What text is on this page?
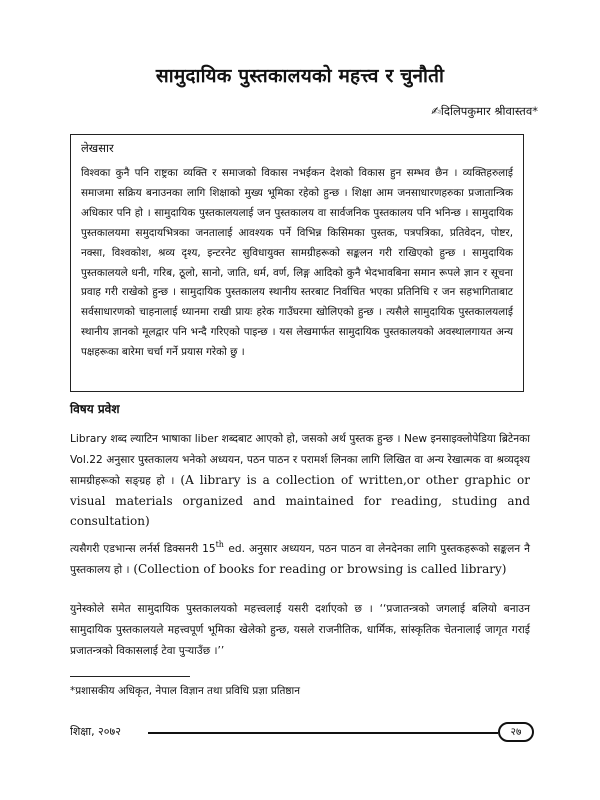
सामुदायिक पुस्तकालयको महत्त्व र चुनौती
✍दिलिपकुमार श्रीवास्तव*

लेखसार

विश्वका कुनै पनि राष्ट्रका व्यक्ति र समाजको विकास नभईकन देशको विकास हुन सम्भव छैन । व्यक्तिहरुलाई समाजमा सक्रिय बनाउनका लागि शिक्षाको मुख्य भूमिका रहेको हुन्छ । शिक्षा आम जनसाधारणहरुका प्रजातान्त्रिक अधिकार पनि हो । सामुदायिक पुस्तकालयलाई जन पुस्तकालय वा सार्वजनिक पुस्तकालय पनि भनिन्छ । सामुदायिक पुस्तकालयमा समुदायभित्रका जनतालाई आवश्यक पर्ने विभिन्न किसिमका पुस्तक, पत्रपत्रिका, प्रतिवेदन, पोष्टर, नक्सा, विश्वकोश, श्रव्य दृश्य, इन्टरनेट सुविधायुक्त सामग्रीहरूको सङ्कलन गरी राखिएको हुन्छ । सामुदायिक पुस्तकालयले धनी, गरिब, ठूलो, सानो, जाति, धर्म, वर्ण, लिङ्ग आदिको कुनै भेदभावबिना समान रूपले ज्ञान र सूचना प्रवाह गरी राखेको हुन्छ । सामुदायिक पुस्तकालय स्थानीय स्तरबाट निर्वाचित भएका प्रतिनिधि र जन सहभागिताबाट सर्वसाधारणको चाहनालाई ध्यानमा राखी प्रायः हरेक गाउँघरमा खोलिएको हुन्छ । त्यसैले सामुदायिक पुस्तकालयलाई स्थानीय ज्ञानको मूलद्वार पनि भन्दै गरिएको पाइन्छ । यस लेखमार्फत सामुदायिक पुस्तकालयको अवस्थालगायत अन्य पक्षहरूका बारेमा चर्चा गर्ने प्रयास गरेको छु ।

विषय प्रवेश

Library शब्द ल्याटिन भाषाका liber शब्दबाट आएको हो, जसको अर्थ पुस्तक हुन्छ । New इनसाइक्लोपेडिया ब्रिटेनका Vol.22 अनुसार पुस्तकालय भनेको अध्ययन, पठन पाठन र परामर्श लिनका लागि लिखित वा अन्य रेखात्मक वा श्रव्यदृश्य सामग्रीहरूको सङ्ग्रह हो । (A library is a collection of written,or other graphic or visual materials organized and maintained for reading, studing and consultation)

त्यसैगरी एडभान्स लर्नर्स डिक्सनरी 15th ed. अनुसार अध्ययन, पठन पाठन वा लेनदेनका लागि पुस्तकहरूको सङ्कलन नै पुस्तकालय हो । (Collection of books for reading or browsing is called library)

युनेस्कोले समेत सामुदायिक पुस्तकालयको महत्त्वलाई यसरी दर्शाएको छ । ‘‘प्रजातन्त्रको जगलाई बलियो बनाउन सामुदायिक पुस्तकालयले महत्त्वपूर्ण भूमिका खेलेको हुन्छ, यसले राजनीतिक, धार्मिक, सांस्कृतिक चेतनालाई जागृत गराई प्रजातन्त्रको विकासलाई टेवा पुऱ्याउँछ ।’’

*प्रशासकीय अधिकृत, नेपाल विज्ञान तथा प्रविधि प्रज्ञा प्रतिष्ठान
शिक्षा, २०७२	२७
